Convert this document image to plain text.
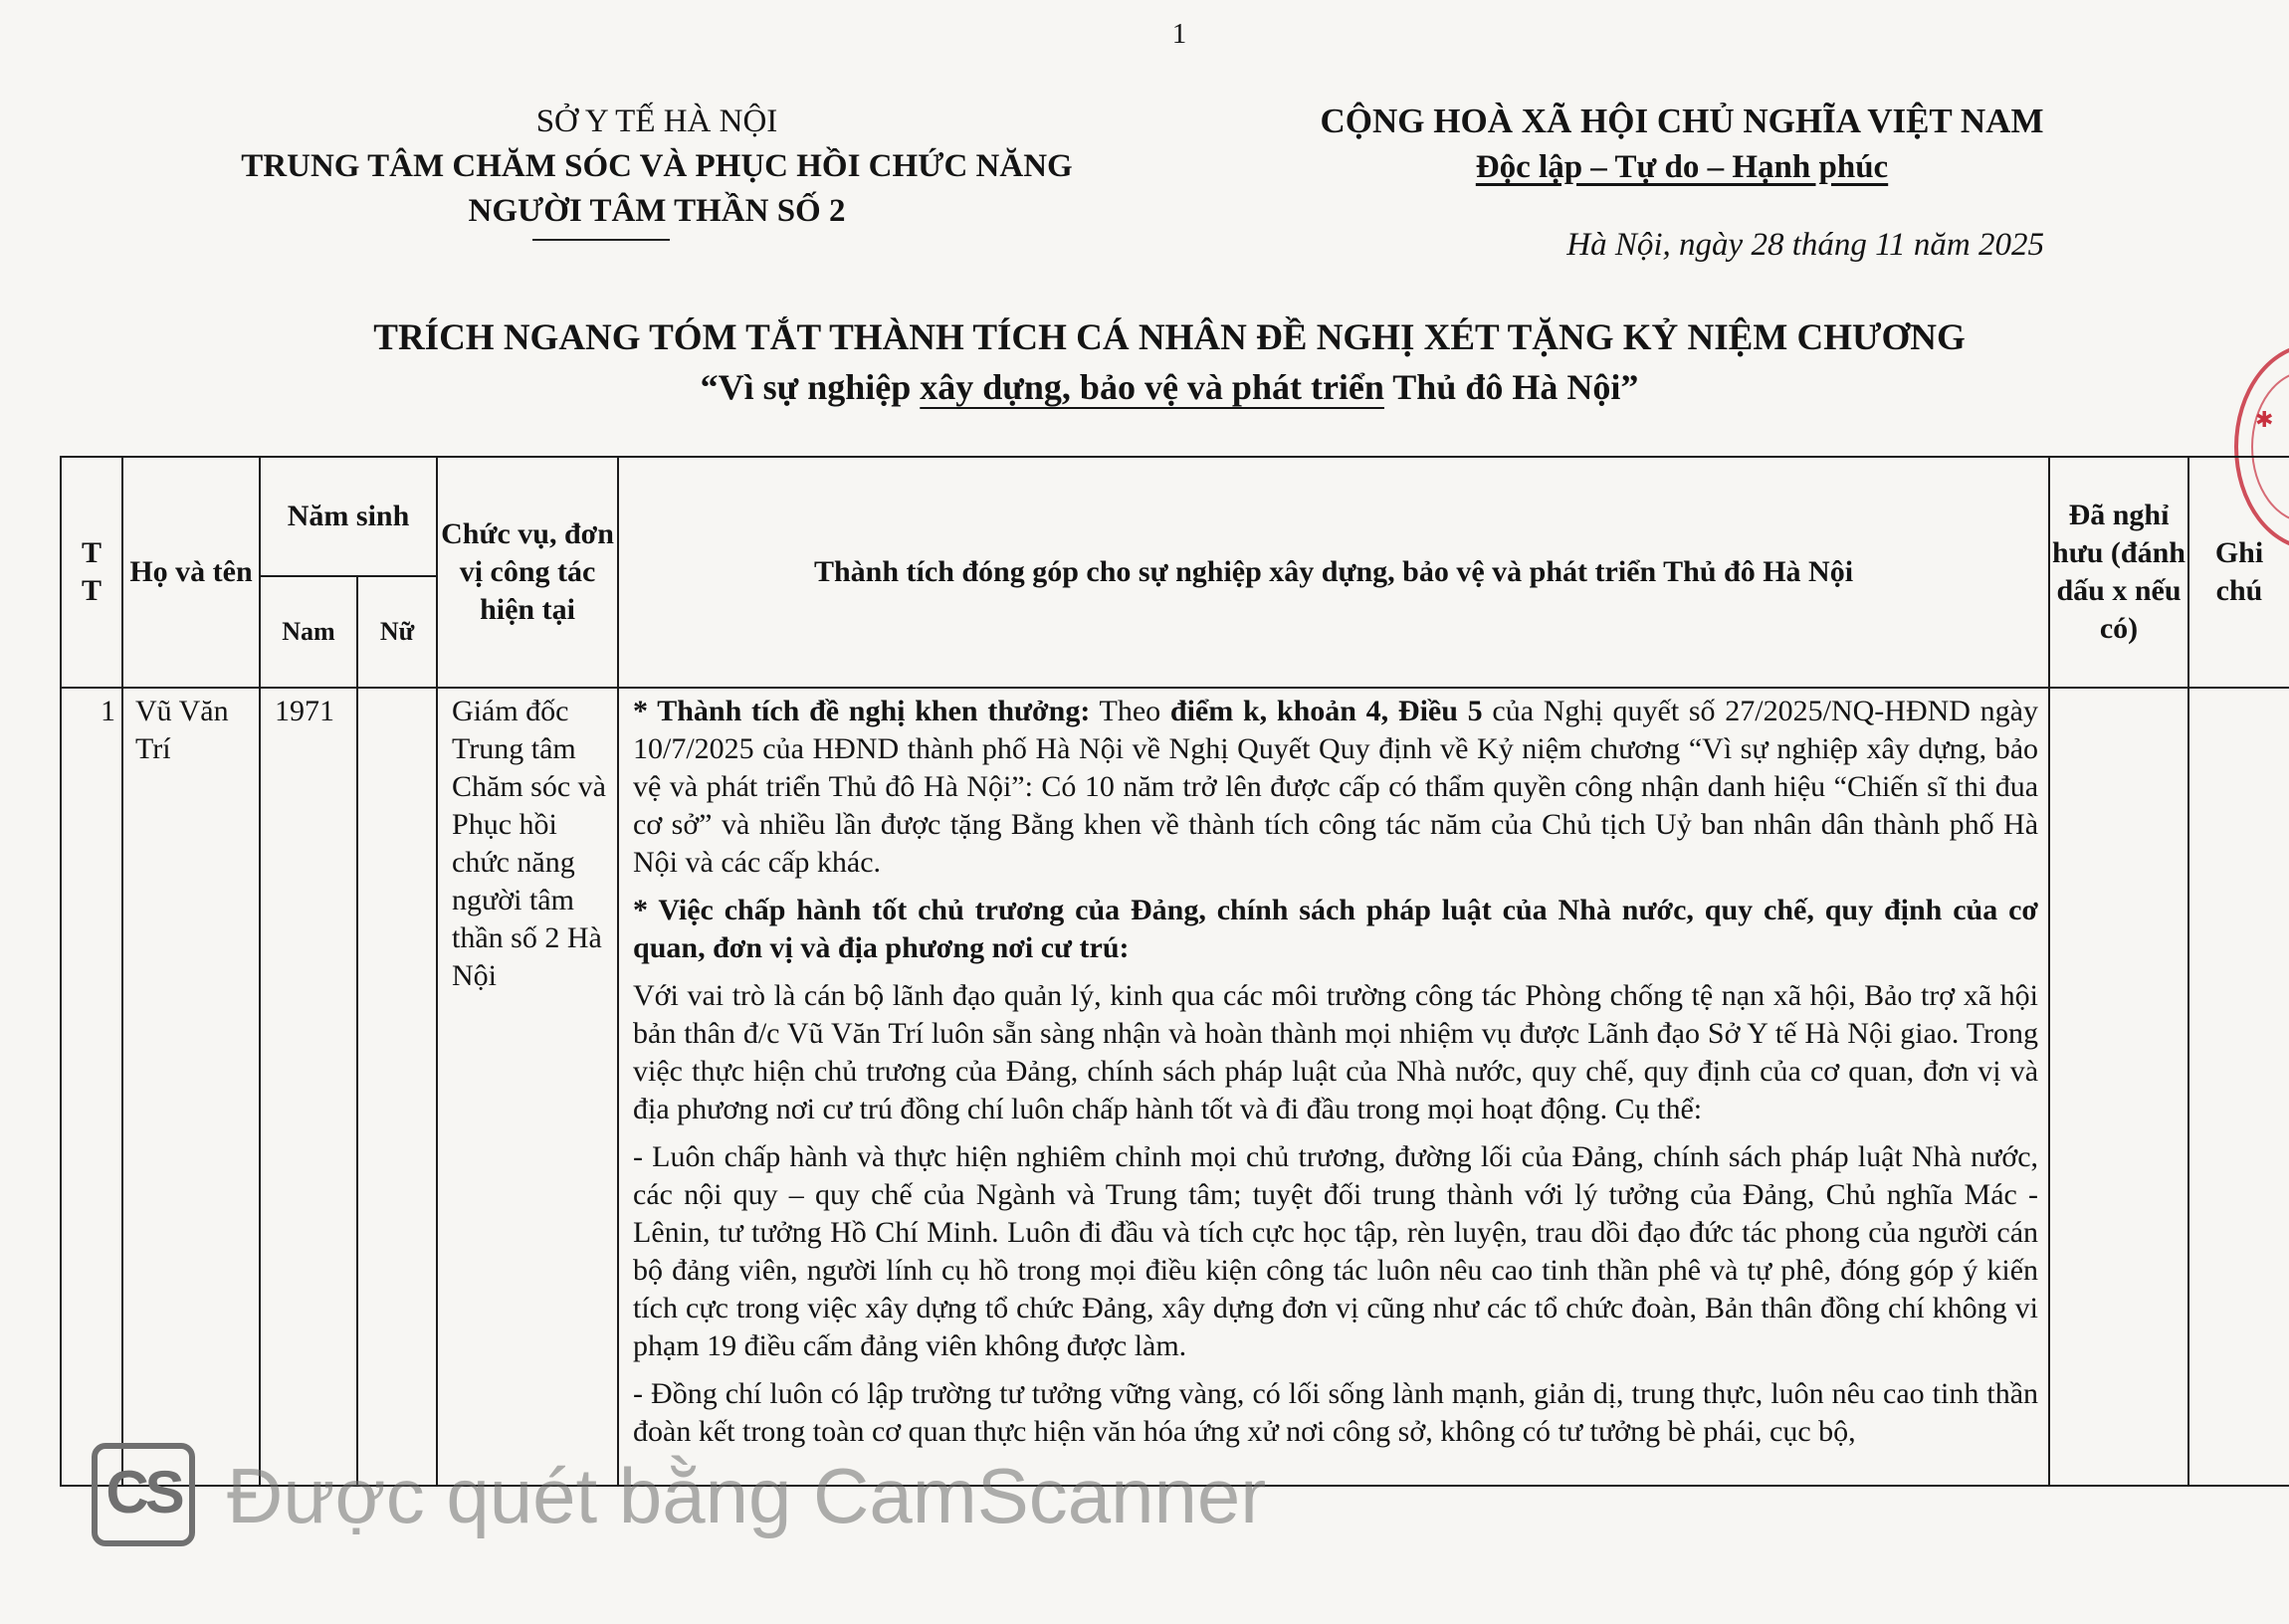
1
SỞ Y TẾ HÀ NỘI
TRUNG TÂM CHĂM SÓC VÀ PHỤC HỒI CHỨC NĂNG
NGƯỜI TÂM THẦN SỐ 2
CỘNG HOÀ XÃ HỘI CHỦ NGHĨA VIỆT NAM
Độc lập – Tự do – Hạnh phúc
Hà Nội, ngày 28 tháng 11 năm 2025
TRÍCH NGANG TÓM TẮT THÀNH TÍCH CÁ NHÂN ĐỀ NGHỊ XÉT TẶNG KỶ NIỆM CHƯƠNG
“Vì sự nghiệp xây dựng, bảo vệ và phát triển Thủ đô Hà Nội”
✱
T T	Họ và tên	Năm sinh		Chức vụ, đơn vị công tác hiện tại	Thành tích đóng góp cho sự nghiệp xây dựng, bảo vệ và phát triển Thủ đô Hà Nội	Đã nghỉ hưu (đánh dấu x nếu có)	Ghi chú
		Nam	Nữ				
1	Vũ Văn Trí	1971		Giám đốc Trung tâm Chăm sóc và Phục hồi chức năng người tâm thần số 2 Hà Nội	* Thành tích đề nghị khen thưởng: Theo điểm k, khoản 4, Điều 5 của Nghị quyết số 27/2025/NQ-HĐND ngày 10/7/2025 của HĐND thành phố Hà Nội về Nghị Quyết Quy định về Kỷ niệm chương “Vì sự nghiệp xây dựng, bảo vệ và phát triển Thủ đô Hà Nội”: Có 10 năm trở lên được cấp có thẩm quyền công nhận danh hiệu “Chiến sĩ thi đua cơ sở” và nhiều lần được tặng Bằng khen về thành tích công tác năm của Chủ tịch Uỷ ban nhân dân thành phố Hà Nội và các cấp khác.

* Việc chấp hành tốt chủ trương của Đảng, chính sách pháp luật của Nhà nước, quy chế, quy định của cơ quan, đơn vị và địa phương nơi cư trú:

Với vai trò là cán bộ lãnh đạo quản lý, kinh qua các môi trường công tác Phòng chống tệ nạn xã hội, Bảo trợ xã hội bản thân đ/c Vũ Văn Trí luôn sẵn sàng nhận và hoàn thành mọi nhiệm vụ được Lãnh đạo Sở Y tế Hà Nội giao. Trong việc thực hiện chủ trương của Đảng, chính sách pháp luật của Nhà nước, quy chế, quy định của cơ quan, đơn vị và địa phương nơi cư trú đồng chí luôn chấp hành tốt và đi đầu trong mọi hoạt động. Cụ thể:

- Luôn chấp hành và thực hiện nghiêm chỉnh mọi chủ trương, đường lối của Đảng, chính sách pháp luật Nhà nước, các nội quy – quy chế của Ngành và Trung tâm; tuyệt đối trung thành với lý tưởng của Đảng, Chủ nghĩa Mác - Lênin, tư tưởng Hồ Chí Minh. Luôn đi đầu và tích cực học tập, rèn luyện, trau dồi đạo đức tác phong của người cán bộ đảng viên, người lính cụ hồ trong mọi điều kiện công tác luôn nêu cao tinh thần phê và tự phê, đóng góp ý kiến tích cực trong việc xây dựng tổ chức Đảng, xây dựng đơn vị cũng như các tổ chức đoàn, Bản thân đồng chí không vi phạm 19 điều cấm đảng viên không được làm.

- Đồng chí luôn có lập trường tư tưởng vững vàng, có lối sống lành mạnh, giản dị, trung thực, luôn nêu cao tinh thần đoàn kết trong toàn cơ quan thực hiện văn hóa ứng xử nơi công sở, không có tư tưởng bè phái, cục bộ,		

CS Được quét bằng CamScanner
